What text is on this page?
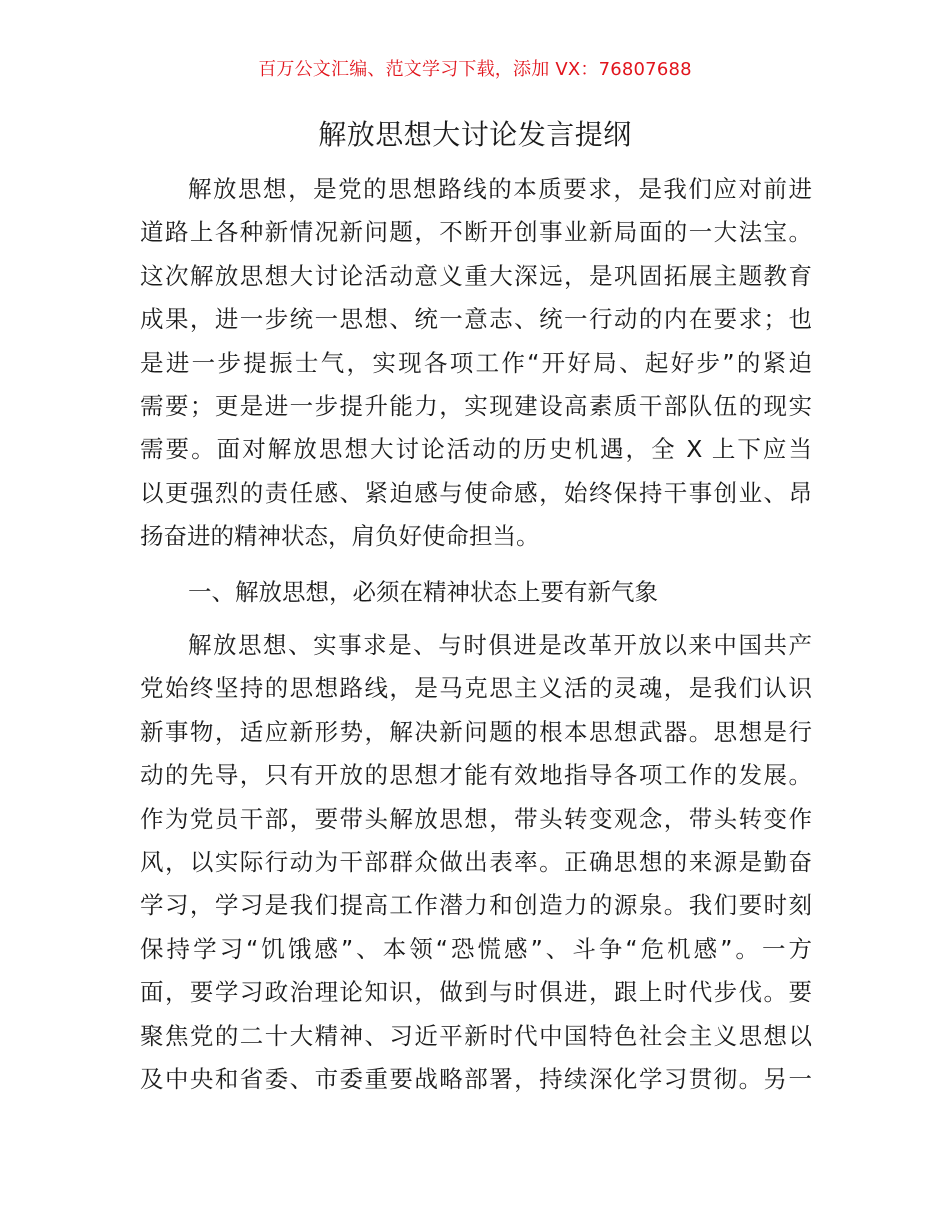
百万公文汇编、范文学习下载，添加 VX：76807688
解放思想大讨论发言提纲
解放思想，是党的思想路线的本质要求，是我们应对前进
道路上各种新情况新问题，不断开创事业新局面的一大法宝。
这次解放思想大讨论活动意义重大深远，是巩固拓展主题教育
成果，进一步统一思想、统一意志、统一行动的内在要求；也
是进一步提振士气，实现各项工作“开好局、起好步”的紧迫
需要；更是进一步提升能力，实现建设高素质干部队伍的现实
需要。面对解放思想大讨论活动的历史机遇，全 X 上下应当
以更强烈的责任感、紧迫感与使命感，始终保持干事创业、昂
扬奋进的精神状态，肩负好使命担当。
一、解放思想，必须在精神状态上要有新气象
解放思想、实事求是、与时俱进是改革开放以来中国共产
党始终坚持的思想路线，是马克思主义活的灵魂，是我们认识
新事物，适应新形势，解决新问题的根本思想武器。思想是行
动的先导，只有开放的思想才能有效地指导各项工作的发展。
作为党员干部，要带头解放思想，带头转变观念，带头转变作
风，以实际行动为干部群众做出表率。正确思想的来源是勤奋
学习，学习是我们提高工作潜力和创造力的源泉。我们要时刻
保持学习“饥饿感”、本领“恐慌感”、斗争“危机感”。一方
面，要学习政治理论知识，做到与时俱进，跟上时代步伐。要
聚焦党的二十大精神、习近平新时代中国特色社会主义思想以
及中央和省委、市委重要战略部署，持续深化学习贯彻。另一
